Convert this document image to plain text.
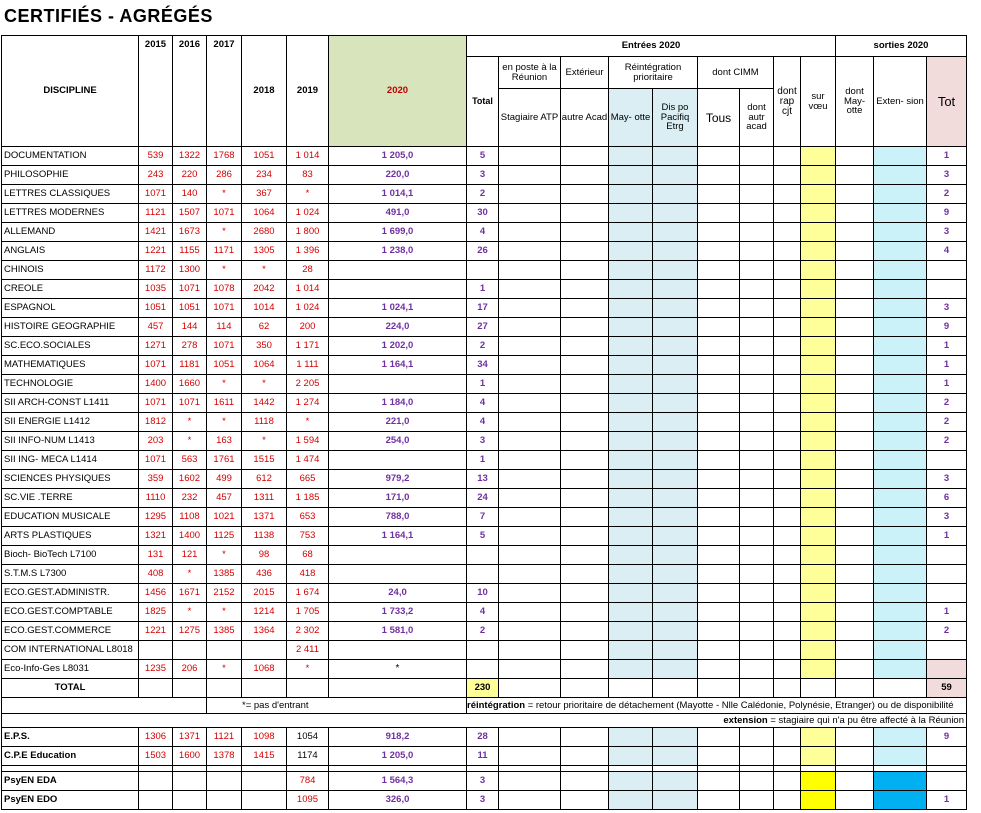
CERTIFIÉS - AGRÉGÉS
DISCIPLINE	2015	2016	2017	2018	2019	2020	Entrées 2020									sorties 2020		
							Total	en poste à la Réunion	Extérieur	Réintégration prioritaire		dont CIMM		dont rap cjt	sur vœu	dont May- otte	Exten- sion	Tot
								Stagiaire ATP	autre Acad	May- otte	Dis po Pacifiq Etrg	Tous	dont autr acad					
DOCUMENTATION	539	1322	1768	1051	1 014	1 205,0	5											1
PHILOSOPHIE	243	220	286	234	83	220,0	3											3
LETTRES CLASSIQUES	1071	140	*	367	*	1 014,1	2											2
LETTRES MODERNES	1121	1507	1071	1064	1 024	491,0	30											9
ALLEMAND	1421	1673	*	2680	1 800	1 699,0	4											3
ANGLAIS	1221	1155	1171	1305	1 396	1 238,0	26											4
CHINOIS	1172	1300	*	*	28													
CREOLE	1035	1071	1078	2042	1 014		1											
ESPAGNOL	1051	1051	1071	1014	1 024	1 024,1	17											3
HISTOIRE GEOGRAPHIE	457	144	114	62	200	224,0	27											9
SC.ECO.SOCIALES	1271	278	1071	350	1 171	1 202,0	2											1
MATHEMATIQUES	1071	1181	1051	1064	1 111	1 164,1	34											1
TECHNOLOGIE	1400	1660	*	*	2 205		1											1
SII ARCH-CONST L1411	1071	1071	1611	1442	1 274	1 184,0	4											2
SII ENERGIE L1412	1812	*	*	1118	*	221,0	4											2
SII INFO-NUM L1413	203	*	163	*	1 594	254,0	3											2
SII ING- MECA L1414	1071	563	1761	1515	1 474		1											
SCIENCES PHYSIQUES	359	1602	499	612	665	979,2	13											3
SC.VIE .TERRE	1110	232	457	1311	1 185	171,0	24											6
EDUCATION MUSICALE	1295	1108	1021	1371	653	788,0	7											3
ARTS PLASTIQUES	1321	1400	1125	1138	753	1 164,1	5											1
Bioch- BioTech L7100	131	121	*	98	68													
S.T.M.S L7300	408	*	1385	436	418													
ECO.GEST.ADMINISTR.	1456	1671	2152	2015	1 674	24,0	10											
ECO.GEST.COMPTABLE	1825	*	*	1214	1 705	1 733,2	4											1
ECO.GEST.COMMERCE	1221	1275	1385	1364	2 302	1 581,0	2											2
COM INTERNATIONAL L8018					2 411													
Eco-Info-Ges L8031	1235	206	*	1068	*	*												
TOTAL							230											59
			*= pas d'entrant				réintégration = retour prioritaire de détachement (Mayotte - Nlle Calédonie, Polynésie, Etranger) ou de disponibilité											
extension = stagiaire qui n'a pu être affecté à la Réunion																		
E.P.S.	1306	1371	1121	1098	1054	918,2	28											9
C.P.E Education	1503	1600	1378	1415	1174	1 205,0	11											

PsyEN EDA					784	1 564,3	3											
PsyEN EDO					1095	326,0	3											1
